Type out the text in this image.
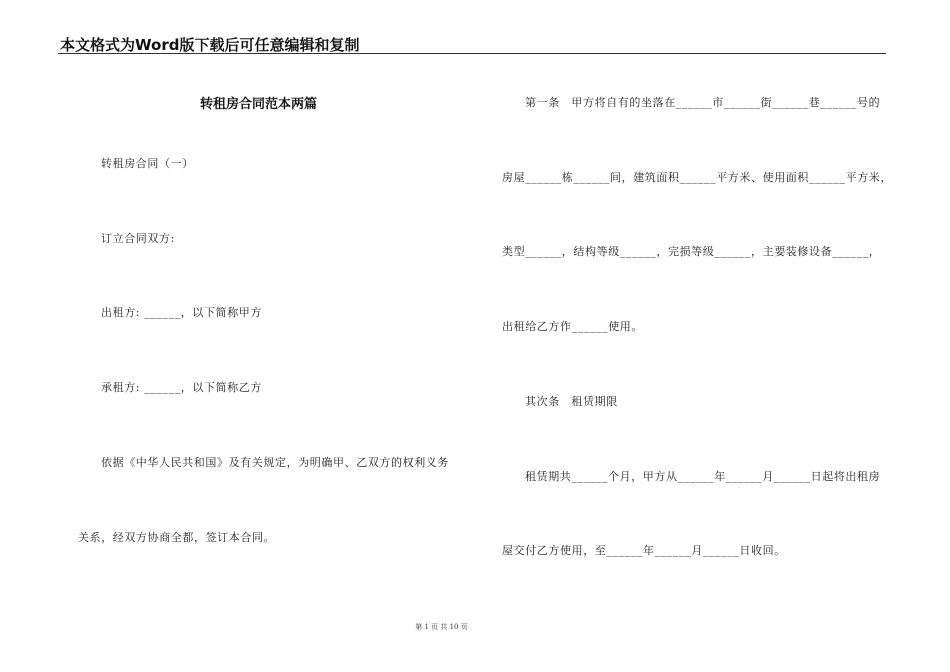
本文格式为Word版下载后可任意编辑和复制
转租房合同范本两篇
转租房合同（一）
订立合同双方:
出租方: ______，以下简称甲方
承租方: ______，以下简称乙方
依据《中华人民共和国》及有关规定，为明确甲、乙双方的权利义务
关系，经双方协商全都，签订本合同。
第一条　甲方将自有的坐落在______市______街______巷______号的
房屋______栋______间，建筑面积______平方米、使用面积______平方米，
类型______，结构等级______，完损等级______，主要装修设备______，
出租给乙方作______使用。
其次条　租赁期限
租赁期共______个月，甲方从______年______月______日起将出租房
屋交付乙方使用，至______年______月______日收回。
第 1 页 共 10 页
